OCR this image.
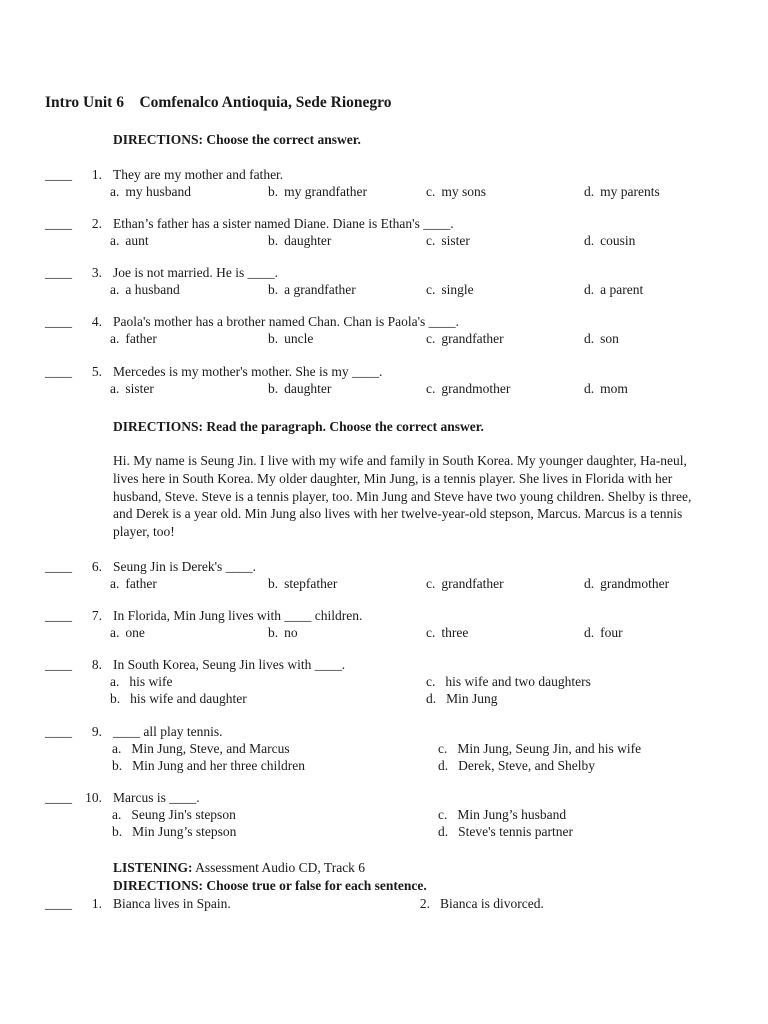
Intro Unit 6    Comfenalco Antioquia, Sede Rionegro
DIRECTIONS: Choose the correct answer.
____	1. They are my mother and father.
a. my husband	b. my grandfather	c. my sons	d. my parents
____	2. Ethan’s father has a sister named Diane. Diane is Ethan's ____.
a. aunt	b. daughter	c. sister	d. cousin
____	3. Joe is not married. He is ____.
a. a husband	b. a grandfather	c. single	d. a parent
____	4. Paola's mother has a brother named Chan. Chan is Paola's ____.
a. father	b. uncle	c. grandfather	d. son
____	5. Mercedes is my mother's mother. She is my ____.
a. sister	b. daughter	c. grandmother	d. mom
____	6. Seung Jin is Derek's ____.
a. father	b. stepfather	c. grandfather	d. grandmother
____	7. In Florida, Min Jung lives with ____ children.
a. one	b. no	c. three	d. four
____	8. In South Korea, Seung Jin lives with ____.
a. his wife	c. his wife and two daughters
b. his wife and daughter	d. Min Jung
____	9. ____ all play tennis.
a. Min Jung, Steve, and Marcus	c. Min Jung, Seung Jin, and his wife
b. Min Jung and her three children	d. Derek, Steve, and Shelby
____ 10. Marcus is ____.
a. Seung Jin's stepson	c. Min Jung’s husband
b. Min Jung’s stepson	d. Steve's tennis partner
DIRECTIONS: Read the paragraph. Choose the correct answer.
Hi. My name is Seung Jin. I live with my wife and family in South Korea. My younger daughter, Ha-neul, lives here in South Korea. My older daughter, Min Jung, is a tennis player. She lives in Florida with her husband, Steve. Steve is a tennis player, too. Min Jung and Steve have two young children. Shelby is three, and Derek is a year old. Min Jung also lives with her twelve-year-old stepson, Marcus. Marcus is a tennis player, too!
LISTENING: Assessment Audio CD, Track 6
DIRECTIONS: Choose true or false for each sentence.
____	1. Bianca lives in Spain.	2. Bianca is divorced.
